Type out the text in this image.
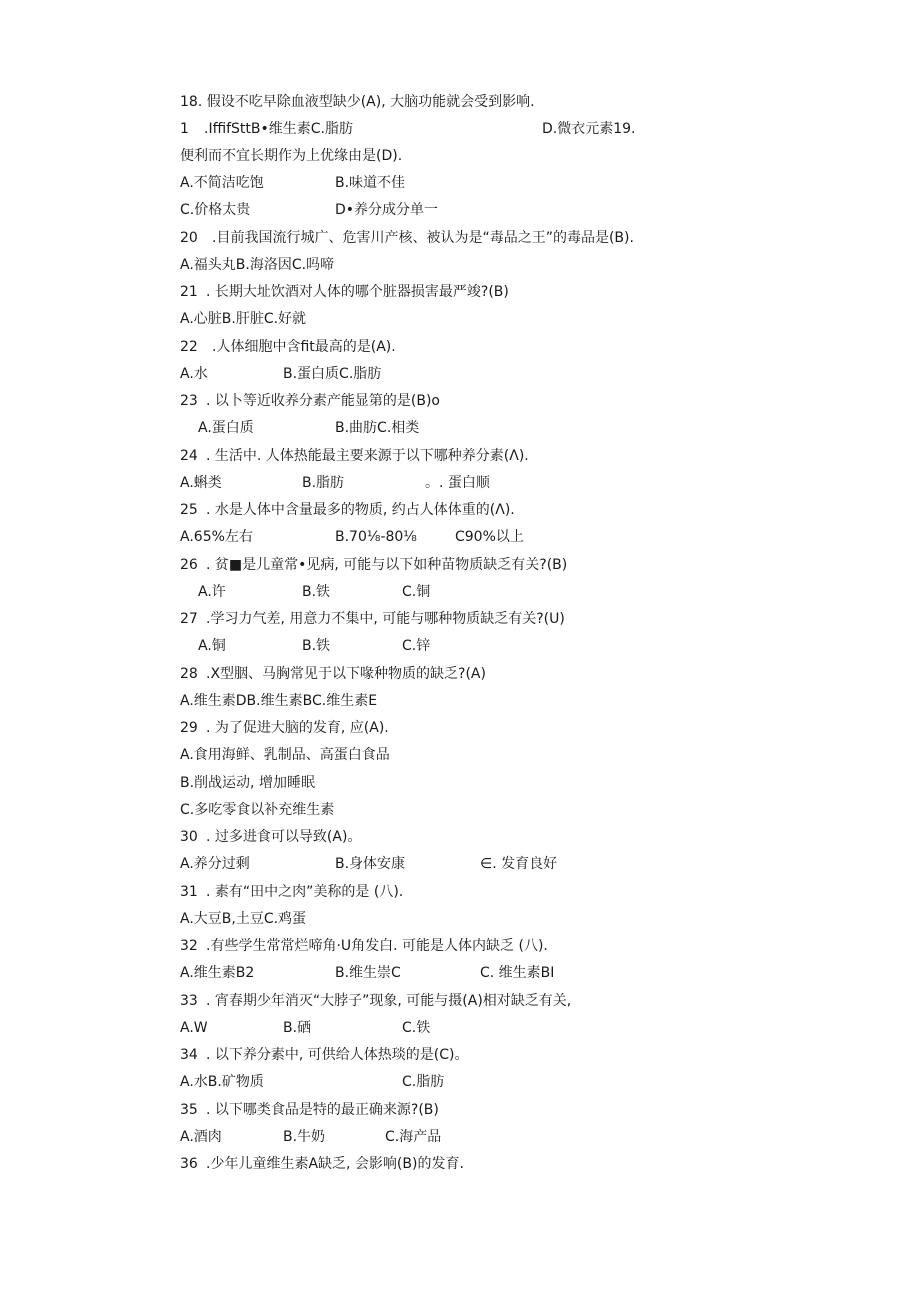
18. 假设不吃早除血液型缺少(A), 大脑功能就会受到影响.
1 .IffifSttB•维生素C.脂肪	D.微衣元素19.
便利而不宜长期作为上优缘由是(D).
A.不简洁吃饱	B.味道不佳
C.价格太贵	D•养分成分单一
20 .目前我国流行城广、危害川产核、被认为是“毒品之王”的毒品是(B).
A.福头丸B.海洛因C.吗啼
21 . 长期大址饮酒对人体的哪个脏器损害最严竣?(B)
A.心脏B.肝脏C.好就
22 .人体细胞中含fit最高的是(A).
A.水	B.蛋白质C.脂肪
23 . 以卜等近收养分素产能显第的是(B)o
A.蛋白质	B.曲肪C.相类
24 . 生活中. 人体热能最主要来源于以下哪种养分素(Λ).
A.蝌类	B.脂肪	。. 蛋白顺
25 . 水是人体中含量最多的物质, 约占人体体重的(Λ).
A.65%左右	B.70⅛-80⅛	C90%以上
26 . 贫■是儿童常•见病, 可能与以下如种苗物质缺乏有关?(B)
A.许	B.铁	C.铜
27 .学习力气差, 用意力不集中, 可能与哪种物质缺乏有关?(U)
A.铜	B.铁	C.锌
28 .X型胭、马胸常见于以下喙种物质的缺乏?(A)
A.维生素DB.维生素BC.维生素E
29 . 为了促进大脑的发育, 应(A).
A.食用海鲜、乳制品、高蛋白食品
B.削战运动, 增加睡眠
C.多吃零食以补充维生素
30 . 过多进食可以导致(A)。
A.养分过剩	B.身体安康	∈. 发育良好
31 . 素有“田中之肉”美称的是 (八).
A.大豆B,土豆C.鸡蛋
32 .有些学生常常烂啼角·U角发白. 可能是人体内缺乏 (八).
A.维生素B2	B.维生崇C	C. 维生素BI
33 . 宵春期少年消灭“大脖子”现象, 可能与摄(A)相对缺乏有关,
A.W	B.硒	C.铁
34 . 以下养分素中, 可供给人体热琰的是(C)。
A.水B.矿物质	C.脂肪
35 . 以下哪类食品是特的最正确来源?(B)
A.酒肉	B.牛奶	C.海产品
36 .少年儿童维生素A缺乏, 会影响(B)的发育.
